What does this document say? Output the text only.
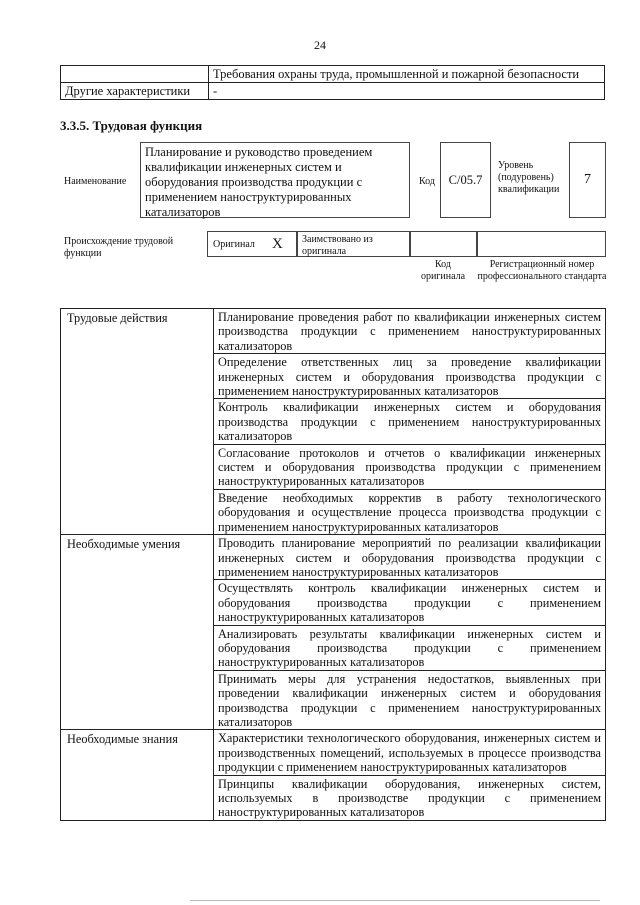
24
	Требования охраны труда, промышленной и пожарной безопасности
Другие характеристики	-
3.3.5. Трудовая функция
Наименование
Планирование и руководство проведением квалификации инженерных систем и оборудования производства продукции с применением наноструктурированных катализаторов
Код С/05.7
Уровень (подуровень) квалификации
7
Происхождение трудовой функции
Оригинал X	Заимствовано из оригинала
Код оригинала
Регистрационный номер профессионального стандарта
Трудовые действия	Планирование проведения работ по квалификации инженерных систем производства продукции с применением наноструктурированных катализаторов
	Определение ответственных лиц за проведение квалификации инженерных систем и оборудования производства продукции с применением наноструктурированных катализаторов
	Контроль квалификации инженерных систем и оборудования производства продукции с применением наноструктурированных катализаторов
	Согласование протоколов и отчетов о квалификации инженерных систем и оборудования производства продукции с применением наноструктурированных катализаторов
	Введение необходимых корректив в работу технологического оборудования и осуществление процесса производства продукции с применением наноструктурированных катализаторов
Необходимые умения	Проводить планирование мероприятий по реализации квалификации инженерных систем и оборудования производства продукции с применением наноструктурированных катализаторов
	Осуществлять контроль квалификации инженерных систем и оборудования производства продукции с применением наноструктурированных катализаторов
	Анализировать результаты квалификации инженерных систем и оборудования производства продукции с применением наноструктурированных катализаторов
	Принимать меры для устранения недостатков, выявленных при проведении квалификации инженерных систем и оборудования производства продукции с применением наноструктурированных катализаторов
Необходимые знания	Характеристики технологического оборудования, инженерных систем и производственных помещений, используемых в процессе производства продукции с применением наноструктурированных катализаторов
	Принципы квалификации оборудования, инженерных систем, используемых в производстве продукции с применением наноструктурированных катализаторов
